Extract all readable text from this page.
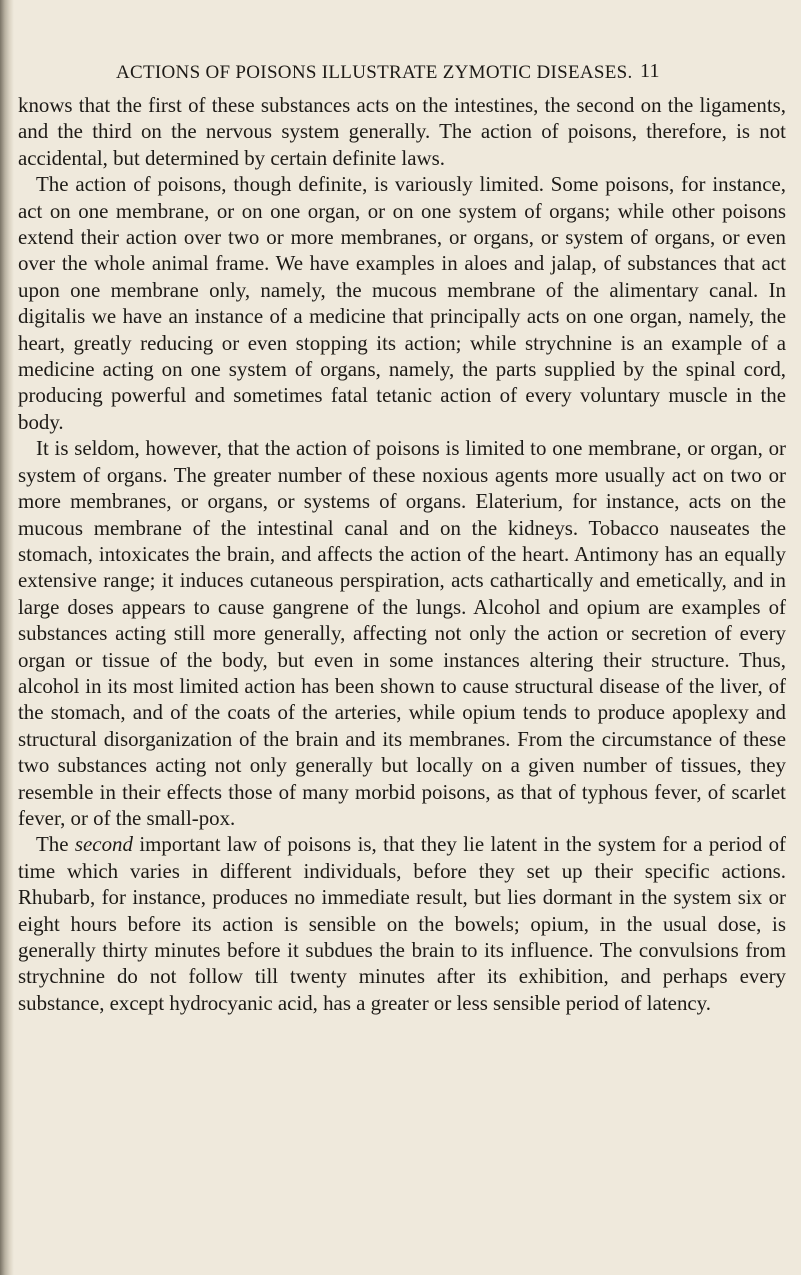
ACTIONS OF POISONS ILLUSTRATE ZYMOTIC DISEASES. 11

knows that the first of these substances acts on the intestines, the second on the ligaments, and the third on the nervous system generally. The action of poisons, therefore, is not accidental, but determined by certain definite laws.

The action of poisons, though definite, is variously limited. Some poisons, for instance, act on one membrane, or on one organ, or on one system of organs; while other poisons extend their action over two or more membranes, or organs, or system of organs, or even over the whole animal frame. We have examples in aloes and jalap, of substances that act upon one membrane only, namely, the mucous membrane of the alimentary canal. In digitalis we have an instance of a medicine that principally acts on one organ, namely, the heart, greatly reducing or even stopping its action; while strychnine is an example of a medicine acting on one system of organs, namely, the parts supplied by the spinal cord, producing powerful and sometimes fatal tetanic action of every voluntary muscle in the body.

It is seldom, however, that the action of poisons is limited to one membrane, or organ, or system of organs. The greater number of these noxious agents more usually act on two or more membranes, or organs, or systems of organs. Elaterium, for instance, acts on the mucous membrane of the intestinal canal and on the kidneys. Tobacco nauseates the stomach, intoxicates the brain, and affects the action of the heart. Antimony has an equally extensive range; it induces cutaneous perspiration, acts cathartically and emetically, and in large doses appears to cause gangrene of the lungs. Alcohol and opium are examples of substances acting still more generally, affecting not only the action or secretion of every organ or tissue of the body, but even in some instances altering their structure. Thus, alcohol in its most limited action has been shown to cause structural disease of the liver, of the stomach, and of the coats of the arteries, while opium tends to produce apoplexy and structural disorganization of the brain and its membranes. From the circumstance of these two substances acting not only generally but locally on a given number of tissues, they resemble in their effects those of many morbid poisons, as that of typhous fever, of scarlet fever, or of the small-pox.

The second important law of poisons is, that they lie latent in the system for a period of time which varies in different individuals, before they set up their specific actions. Rhubarb, for instance, produces no immediate result, but lies dormant in the system six or eight hours before its action is sensible on the bowels; opium, in the usual dose, is generally thirty minutes before it subdues the brain to its influence. The convulsions from strychnine do not follow till twenty minutes after its exhibition, and perhaps every substance, except hydrocyanic acid, has a greater or less sensible period of latency.
